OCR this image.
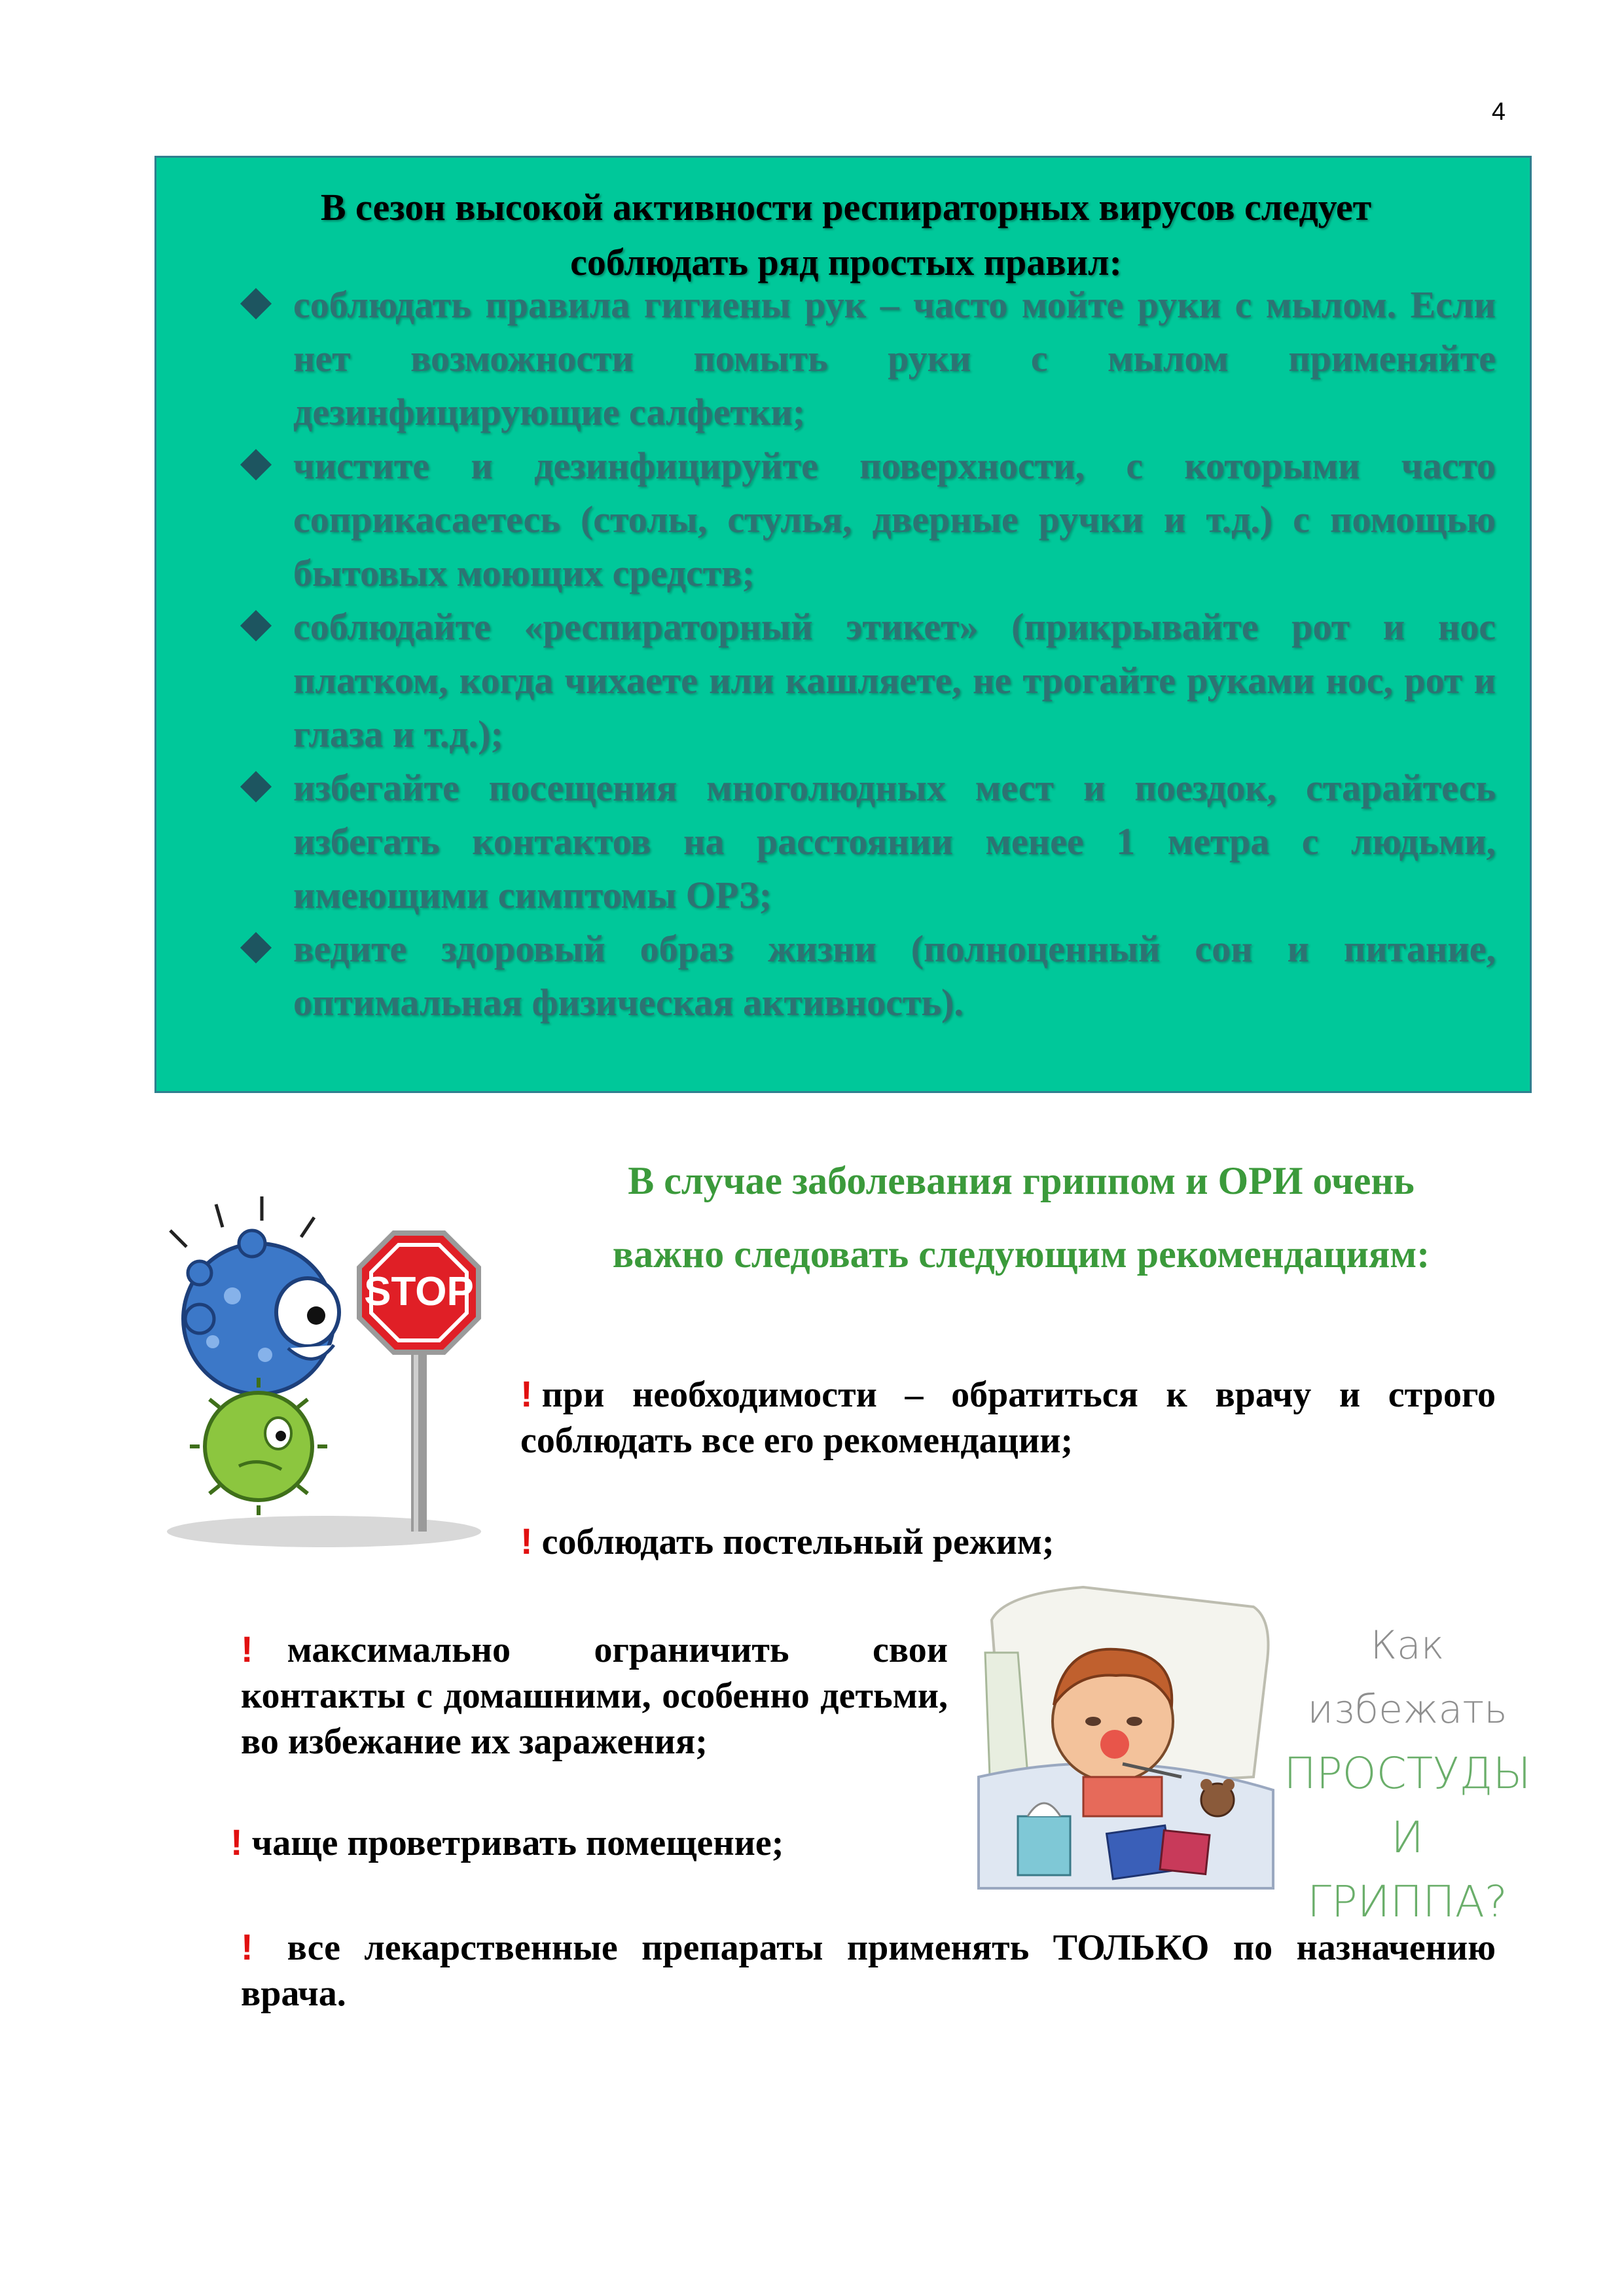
4
В сезон высокой активности респираторных вирусов следует
соблюдать ряд простых правил:
соблюдать правила гигиены рук – часто мойте руки с мылом. Если нет возможности помыть руки с мылом применяйте дезинфицирующие салфетки;
чистите и дезинфицируйте поверхности, с которыми часто соприкасаетесь (столы, стулья, дверные ручки и т.д.) с помощью бытовых моющих средств;
соблюдайте «респираторный этикет» (прикрывайте рот и нос платком, когда чихаете или кашляете, не трогайте руками нос, рот и глаза и т.д.);
избегайте посещения многолюдных мест и поездок, старайтесь избегать контактов на расстоянии менее 1 метра с людьми, имеющими симптомы ОРЗ;
ведите здоровый образ жизни (полноценный сон и питание, оптимальная физическая активность).
STOP
В случае заболевания гриппом и ОРИ очень
важно следовать следующим рекомендациям:
! при необходимости – обратиться к врачу и строго соблюдать все его рекомендации;
! соблюдать постельный режим;
! максимально ограничить свои контакты с домашними, особенно детьми, во избежание их заражения;
! чаще проветривать помещение;
! все лекарственные препараты применять ТОЛЬКО по назначению врача.
Как избежать
ПРОСТУДЫ
И
ГРИППА?
